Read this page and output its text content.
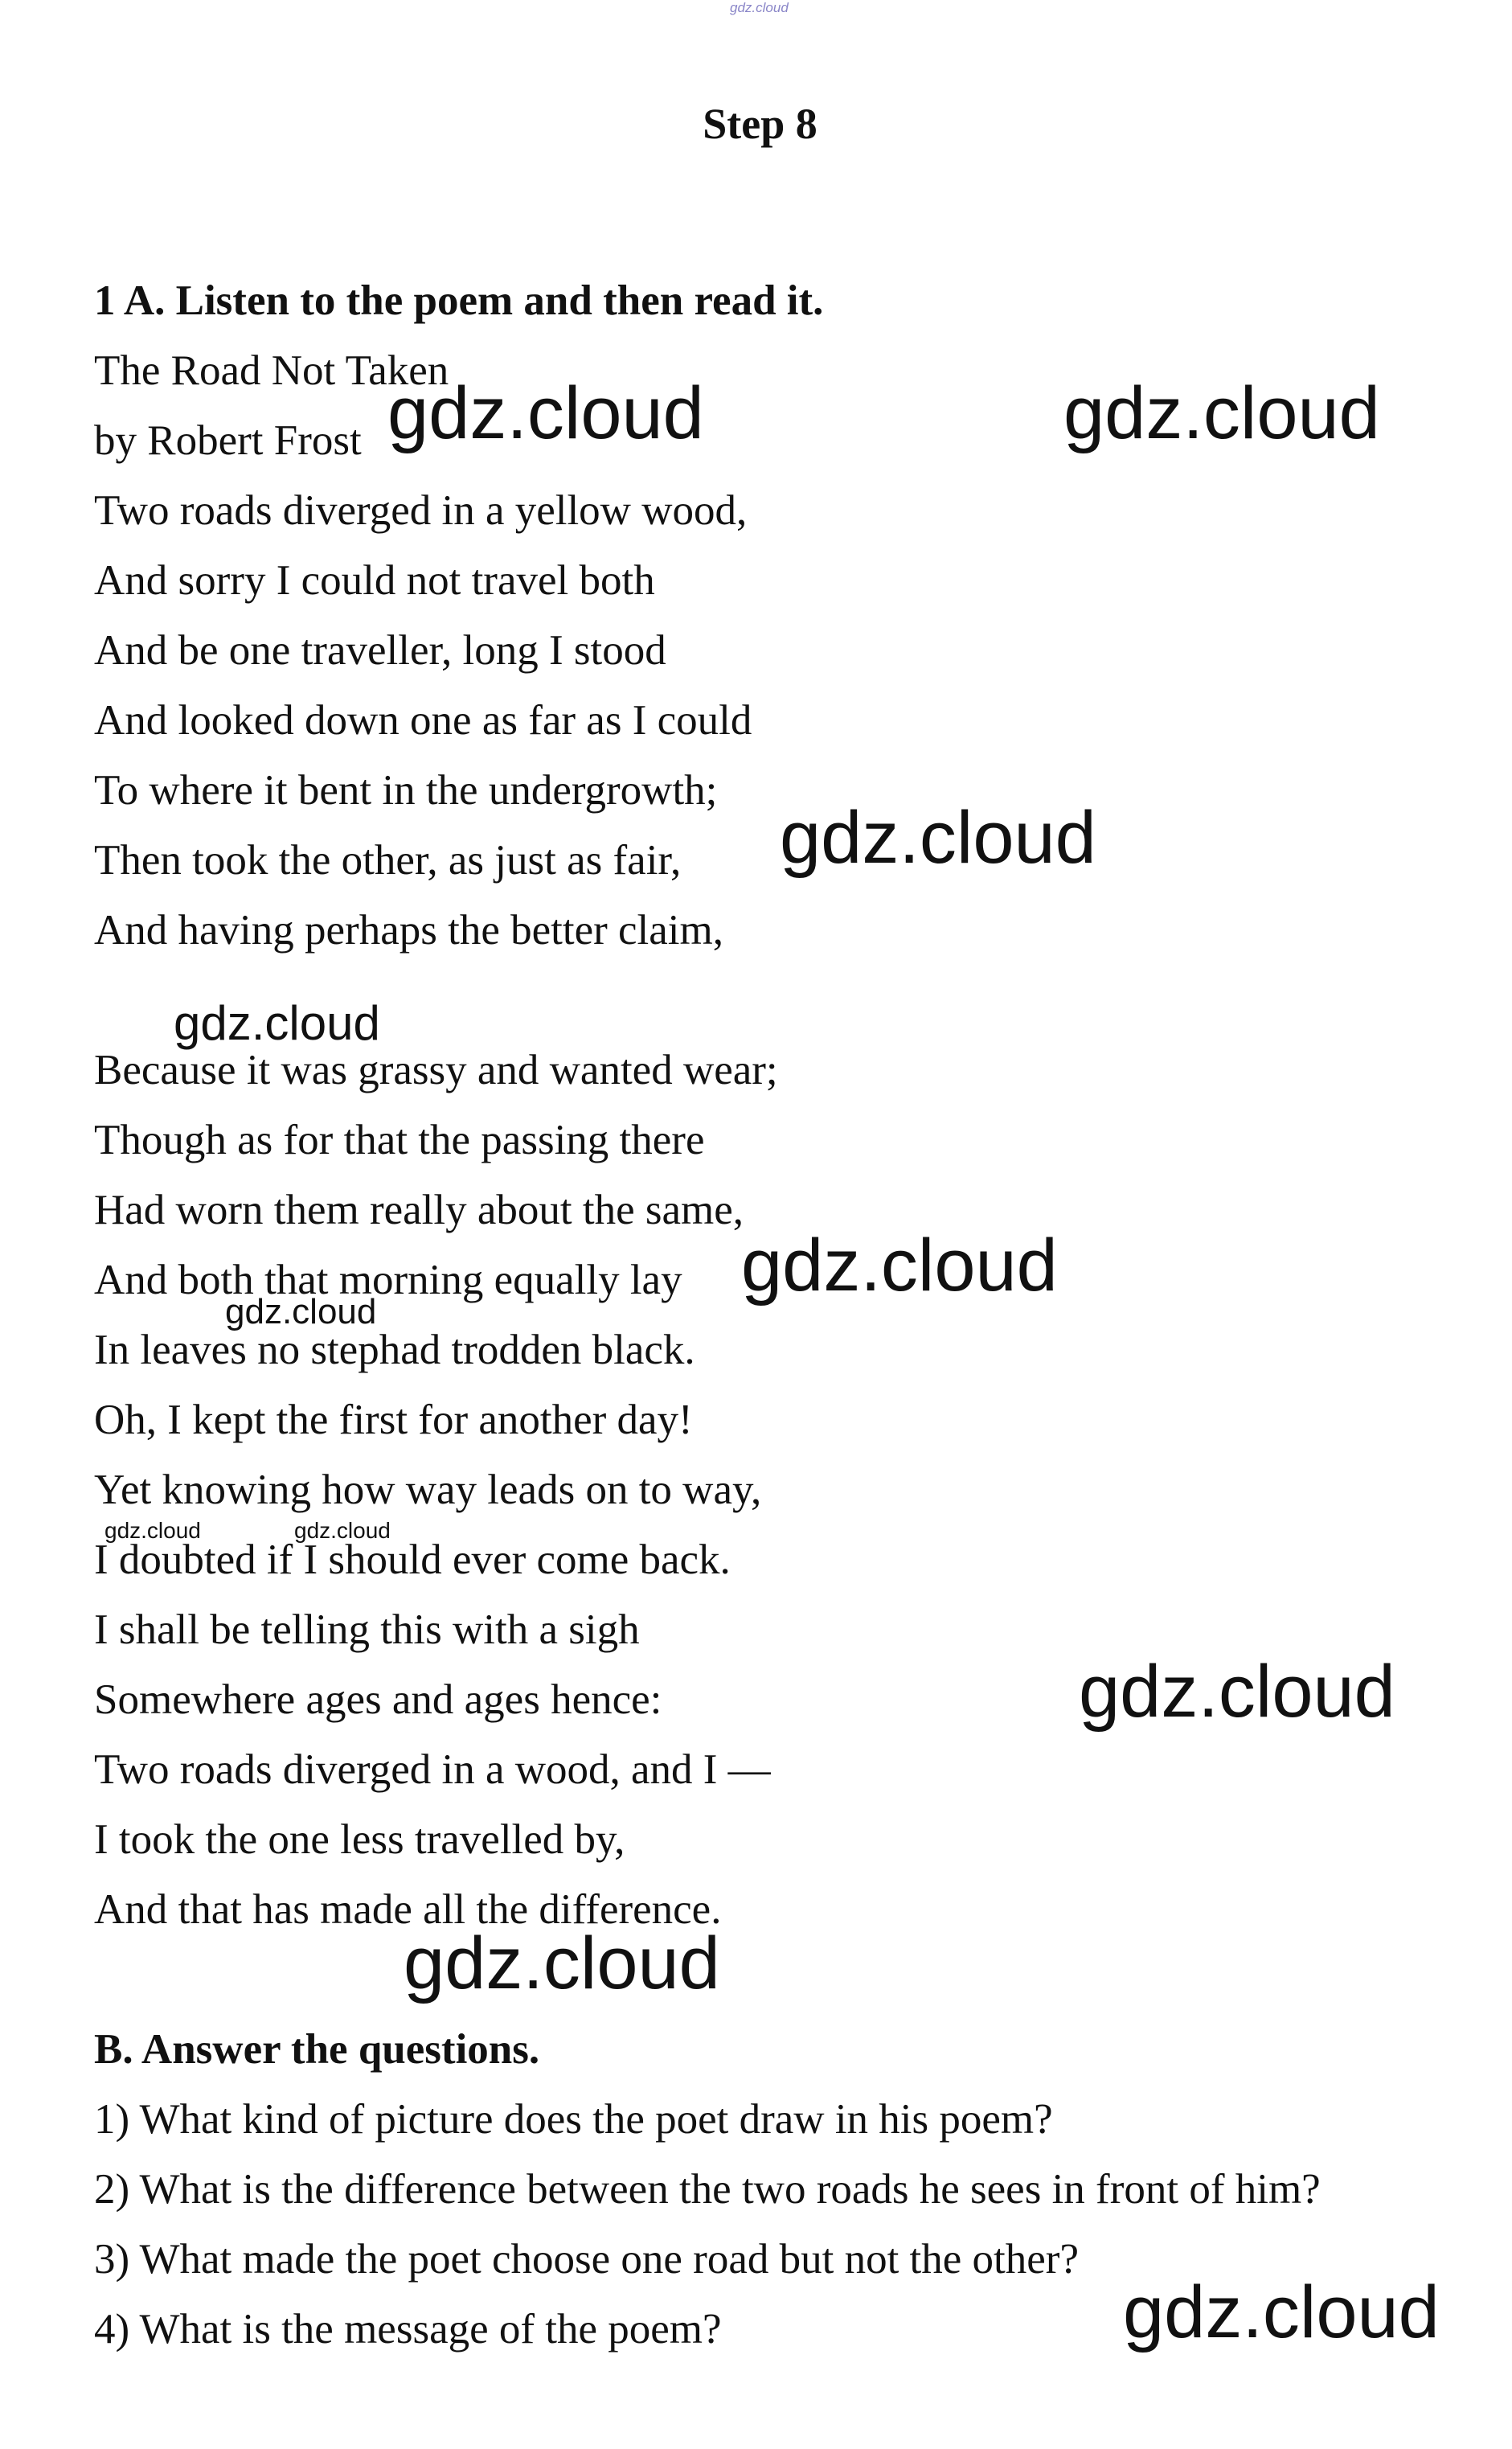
gdz.cloud
Step 8
1 A. Listen to the poem and then read it.
The Road Not Taken
by Robert Frost
Two roads diverged in a yellow wood,
And sorry I could not travel both
And be one traveller, long I stood
And looked down one as far as I could
To where it bent in the undergrowth;
Then took the other, as just as fair,
And having perhaps the better claim,
Because it was grassy and wanted wear;
Though as for that the passing there
Had worn them really about the same,
And both that morning equally lay
In leaves no stephad trodden black.
Oh, I kept the first for another day!
Yet knowing how way leads on to way,
I doubted if I should ever come back.
I shall be telling this with a sigh
Somewhere ages and ages hence:
Two roads diverged in a wood, and I —
I took the one less travelled by,
And that has made all the difference.
B. Answer the questions.
1) What kind of picture does the poet draw in his poem?
2) What is the difference between the two roads he sees in front of him?
3) What made the poet choose one road but not the other?
4) What is the message of the poem?
gdz.cloud	gdz.cloud
gdz.cloud
gdz.cloud
gdz.cloud
gdz.cloud
gdz.cloud	gdz.cloud
gdz.cloud
gdz.cloud
gdz.cloud
